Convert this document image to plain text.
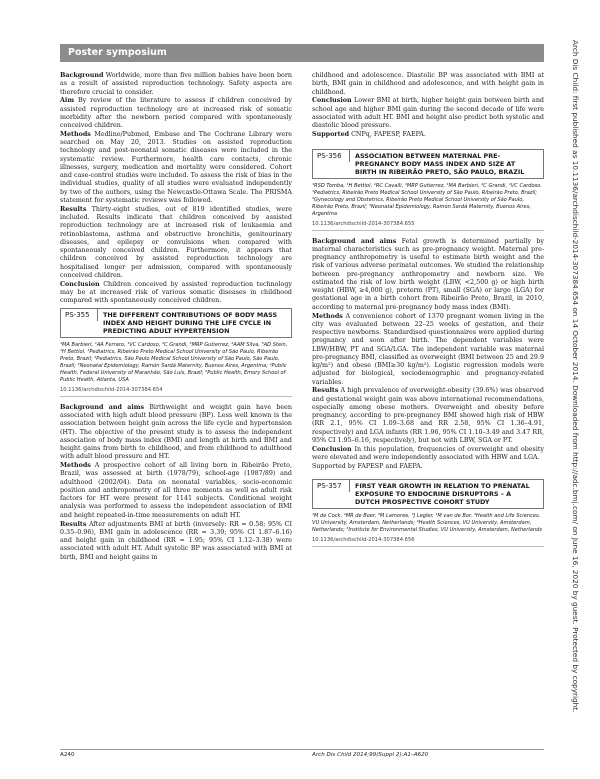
Poster symposium

Background Worldwide, more than five million babies have been born as a result of assisted reproduction technology. Safety aspects are therefore crucial to consider.

Aim By review of the literature to assess if children conceived by assisted reproduction technology are at increased risk of somatic morbidity after the newborn period compared with spontaneously conceived children.

Methods Medline/Pubmed, Embase and The Cochrane Library were searched on May 20, 2013. Studies on assisted reproduction technology and post-neonatal somatic diseases were included in the systematic review. Furthermore, health care contacts, chronic illnesses, surgery, medication and mortality were considered. Cohort and case-control studies were included. To assess the risk of bias in the individual studies, quality of all studies were evaluated independently by two of the authors, using the Newcastle-Ottawa Scale. The PRISMA statement for systematic reviews was followed.

Results Thirty-eight studies, out of 819 identified studies, were included. Results indicate that children conceived by assisted reproduction technology are at increased risk of leukaemia and retinoblastoma, asthma and obstructive bronchitis, genitourinary diseases, and epilepsy or convulsions when compared with spontaneously conceived children. Furthermore, it appears that children conceived by assisted reproduction technology are hospitalised longer per admission, compared with spontaneously conceived children.

Conclusion Children conceived by assisted reproduction technology may be at increased risk of various somatic diseases in childhood compared with spontaneously conceived children.

PS-355	THE DIFFERENT CONTRIBUTIONS OF BODY MASS INDEX AND HEIGHT DURING THE LIFE CYCLE IN PREDICTING ADULT HYPERTENSION
¹MA Barbieri, ¹AA Ferraro, ¹VC Cardoso, ²C Grandi, ³MRP Gutierrez, ⁴AAM Silva, ⁵AD Stein, ¹H Bettiol. ¹Pediatrics, Ribeirão Preto Medical School University of São Paulo, Ribeirão Preto, Brazil; ²Pediatrics, São Paulo Medical School University of São Paulo, São Paulo, Brazil; ³Neonatal Epidemiology, Ramón Sardá Maternity, Buenos Aires, Argentina; ⁴Public Health, Federal University of Maranhão, São Luís, Brazil; ⁵Public Health, Emory School of Public Health, Atlanta, USA
10.1136/archdischild-2014-307384.654

Background and aims Birthweight and weight gain have been associated with high adult blood pressure (BP). Less well known is the association between height gain across the life cycle and hypertension (HT). The objective of the present study is to assess the independent association of body mass index (BMI) and length at birth and BMI and height gains from birth to childhood, and from childhood to adulthood with adult blood pressure and HT.

Methods A prospective cohort of all living born in Ribeirão Preto, Brazil, was assessed at birth (1978/79), school-age (1987/89) and adulthood (2002/04). Data on neonatal variables, socio-economic position and anthropometry of all three moments as well as adult risk factors for HT were present for 1141 subjects. Conditional weight analysis was performed to assess the independent association of BMI and height repeated-in-time measurements on adult HT.

Results After adjustments BMI at birth (inversely: RR = 0.58; 95% CI 0.35–0.96), BMI gain in adolescence (RR = 3.39; 95% CI 1.87–6.16) and height gain in childhood (RR = 1.95; 95% CI 1.12–3.38) were associated with adult HT. Adult systolic BP was associated with BMI at birth, BMI and height gains in

childhood and adolescence. Diastolic BP was associated with BMI at birth, BMI gain in childhood and adolescence, and with height gain in childhood.

Conclusion Lower BMI at birth, higher height gain between birth and school age and higher BMI gain during the second decade of life were associated with adult HT. BMI and height also predict both systolic and diastolic blood pressure.

Supported CNPq, FAPESP, FAEPA.

PS-356	ASSOCIATION BETWEEN MATERNAL PRE-PREGNANCY BODY MASS INDEX AND SIZE AT BIRTH IN RIBEIRÃO PRETO, SÃO PAULO, BRAZIL
¹RSD Tomba, ¹H Bettiol, ¹RC Cavalli, ¹MRP Gutierrez, ¹MA Barbieri, ²C Grandi, ¹VC Cardoso. ¹Pediatrics, Ribeirão Preto Medical School University of São Paulo, Ribeirão Preto, Brazil; ²Gynecology and Obstetrics, Ribeirão Preto Medical School University of São Paulo, Ribeirão Preto, Brazil; ³Neonatal Epidemiology, Ramón Sardá Maternity, Buenos Aires, Argentina
10.1136/archdischild-2014-307384.655

Background and aims Fetal growth is determined partially by maternal characteristics such as pre-pregnancy weight. Maternal pre-pregnancy anthropometry is useful to estimate birth weight and the risk of various adverse perinatal outcomes. We studied the relationship between pre-pregnancy anthropometry and newborn size. We estimated the risk of low birth weight (LBW, <2,500 g) or high birth weight (HBW, ≥4,000 g), preterm (PT), small (SGA) or large (LGA) for gestational age in a birth cohort from Ribeirão Preto, Brazil, in 2010, according to maternal pre-pregnancy body mass index (BMI).

Methods A convenience cohort of 1370 pregnant women living in the city was evaluated between 22–25 weeks of gestation, and their respective newborns. Standardised questionnaires were applied during pregnancy and soon after birth. The dependent variables were LBW/HBW, PT and SGA/LGA. The independent variable was maternal pre-pregnancy BMI, classified as overweight (BMI between 25 and 29.9 kg/m²) and obese (BMI≥30 kg/m²). Logistic regression models were adjusted for biological, sociodemographic and pregnancy-related variables.

Results A high prevalence of overweight-obesity (39.6%) was observed and gestational weight gain was above international recommendations, especially among obese mothers. Overweight and obesity before pregnancy, according to pre-pregnancy BMI showed high risk of HBW (RR 2.1, 95% CI 1.09–3.68 and RR 2.58, 95% CI 1.36–4.91, respectively) and LGA infants (RR 1.96, 95% CI 1.10–3.49 and 3.47 RR, 95% CI 1.95–6.16, respectively), but not with LBW, SGA or PT.

Conclusion In this population, frequencies of overweight and obesity were elevated and were independently associated with HBW and LGA.

Supported by FAPESP and FAEPA.

PS-357	FIRST YEAR GROWTH IN RELATION TO PRENATAL EXPOSURE TO ENDOCRINE DISRUPTORS – A DUTCH PROSPECTIVE COHORT STUDY
¹M de Cock, ¹MR de Boer, ²M Lamoree, ²J Legler, ¹M van de Bor. ¹Health and Life Sciences, VU University, Amsterdam, Netherlands; ²Health Sciences, VU University, Amsterdam, Netherlands; ³Institute for Environmental Studies, VU University, Amsterdam, Netherlands
10.1136/archdischild-2014-307384.656	Arch Dis Child: first published as 10.1136/archdischild-2014-307384.654 on 14 October 2014. Downloaded from http://adc.bmj.com/ on June 16, 2020 by guest. Protected by copyright.
A240	Arch Dis Child 2014;99(Suppl 2):A1–A620
